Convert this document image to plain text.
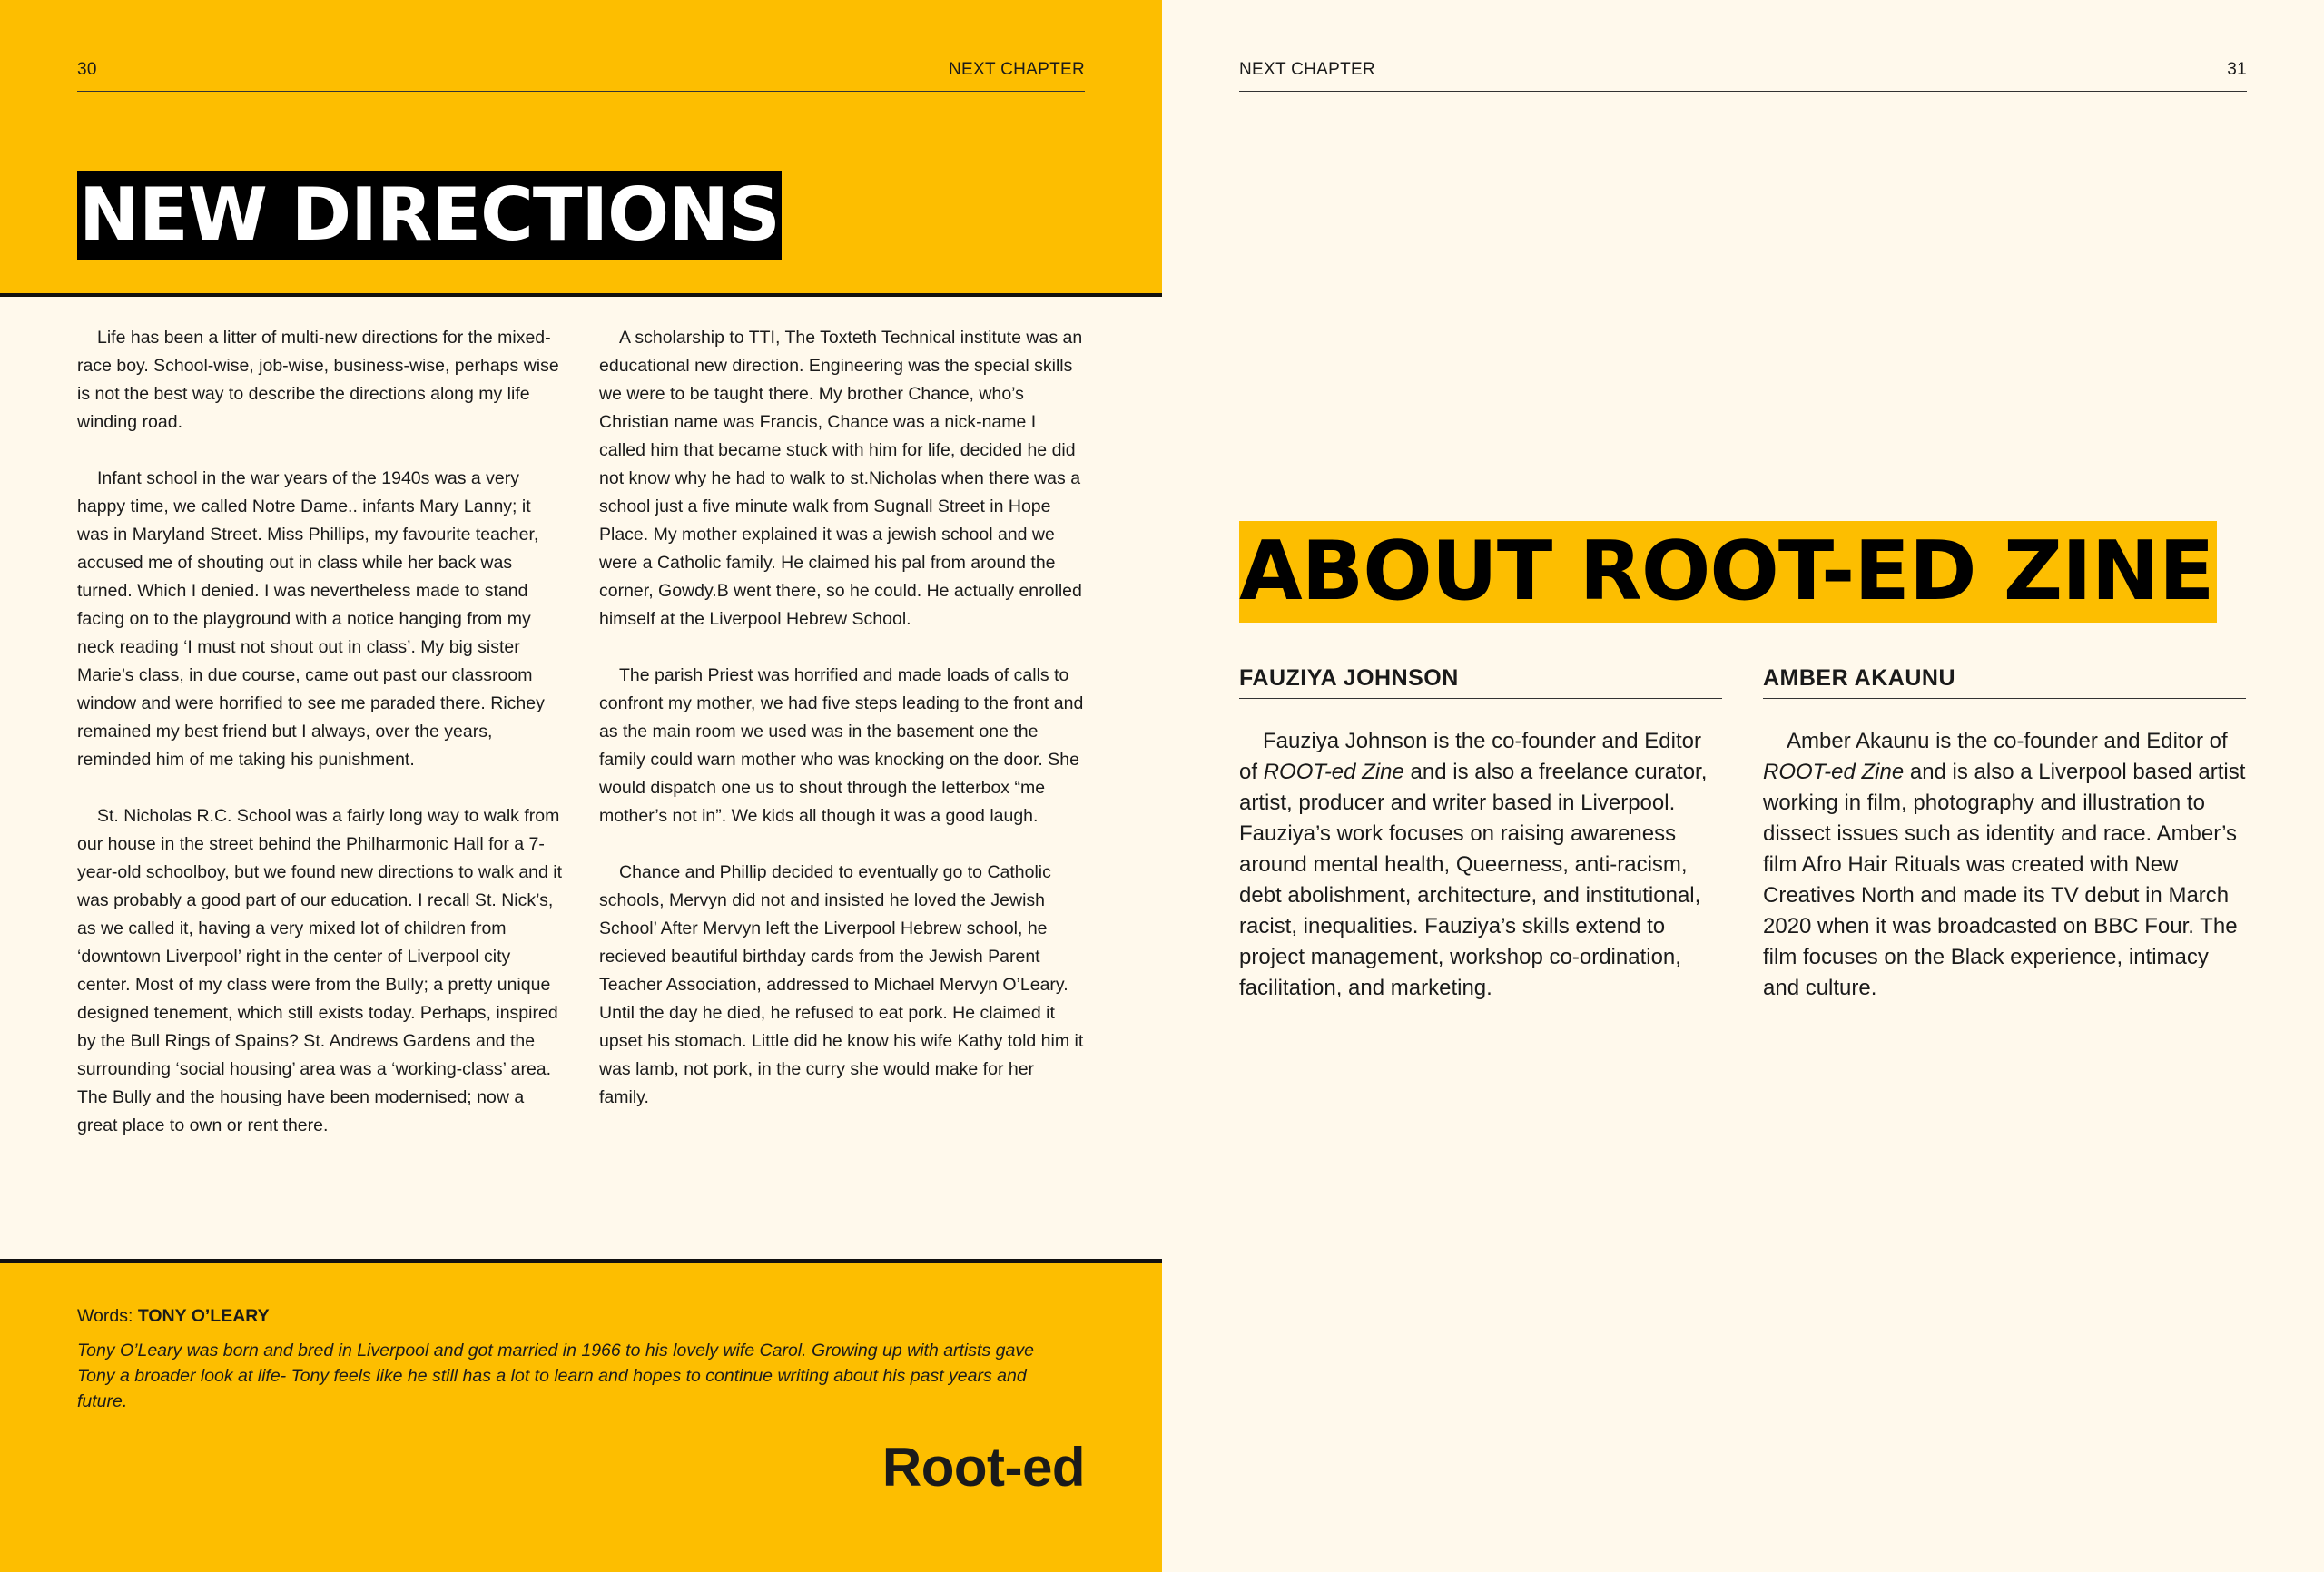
30	NEXT CHAPTER
NEW DIRECTIONS

Life has been a litter of multi-new directions for the mixed-race boy. School-wise, job-wise, business-wise, perhaps wise is not the best way to describe the directions along my life winding road.

Infant school in the war years of the 1940s was a very happy time, we called Notre Dame.. infants Mary Lanny; it was in Maryland Street. Miss Phillips, my favourite teacher, accused me of shouting out in class while her back was turned. Which I denied. I was nevertheless made to stand facing on to the playground with a notice hanging from my neck reading ‘I must not shout out in class’. My big sister Marie’s class, in due course, came out past our classroom window and were horrified to see me paraded there. Richey remained my best friend but I always, over the years, reminded him of me taking his punishment.

St. Nicholas R.C. School was a fairly long way to walk from our house in the street behind the Philharmonic Hall for a 7-year-old schoolboy, but we found new directions to walk and it was probably a good part of our education. I recall St. Nick’s, as we called it, having a very mixed lot of children from ‘downtown Liverpool’ right in the center of Liverpool city center. Most of my class were from the Bully; a pretty unique designed tenement, which still exists today. Perhaps, inspired by the Bull Rings of Spains? St. Andrews Gardens and the surrounding ‘social housing’ area was a ‘working-class’ area. The Bully and the housing have been modernised; now a great place to own or rent there.

A scholarship to TTI, The Toxteth Technical institute was an educational new direction. Engineering was the special skills we were to be taught there. My brother Chance, who’s Christian name was Francis, Chance was a nick-name I called him that became stuck with him for life, decided he did not know why he had to walk to st.Nicholas when there was a school just a five minute walk from Sugnall Street in Hope Place. My mother explained it was a jewish school and we were a Catholic family. He claimed his pal from around the corner, Gowdy.B went there, so he could. He actually enrolled himself at the Liverpool Hebrew School.

The parish Priest was horrified and made loads of calls to confront my mother, we had five steps leading to the front and as the main room we used was in the basement one the family could warn mother who was knocking on the door. She would dispatch one us to shout through the letterbox “me mother’s not in”. We kids all though it was a good laugh.

Chance and Phillip decided to eventually go to Catholic schools, Mervyn did not and insisted he loved the Jewish School’ After Mervyn left the Liverpool Hebrew school, he recieved beautiful birthday cards from the Jewish Parent Teacher Association, addressed to Michael Mervyn O’Leary. Until the day he died, he refused to eat pork. He claimed it upset his stomach. Little did he know his wife Kathy told him it was lamb, not pork, in the curry she would make for her family.

Words: TONY O’LEARY
Tony O’Leary was born and bred in Liverpool and got married in 1966 to his lovely wife Carol. Growing up with artists gave Tony a broader look at life- Tony feels like he still has a lot to learn and hopes to continue writing about his past years and future.
Root-ed
NEXT CHAPTER	31
ABOUT ROOT-ED ZINE
FAUZIYA JOHNSON
Fauziya Johnson is the co-founder and Editor of ROOT-ed Zine and is also a freelance curator, artist, producer and writer based in Liverpool. Fauziya’s work focuses on raising awareness around mental health, Queerness, anti-racism, debt abolishment, architecture, and institutional, racist, inequalities. Fauziya’s skills extend to project management, workshop co-ordination, facilitation, and marketing.
AMBER AKAUNU
Amber Akaunu is the co-founder and Editor of ROOT-ed Zine and is also a Liverpool based artist working in film, photography and illustration to dissect issues such as identity and race. Amber’s film Afro Hair Rituals was created with New Creatives North and made its TV debut in March 2020 when it was broadcasted on BBC Four. The film focuses on the Black experience, intimacy and culture.
